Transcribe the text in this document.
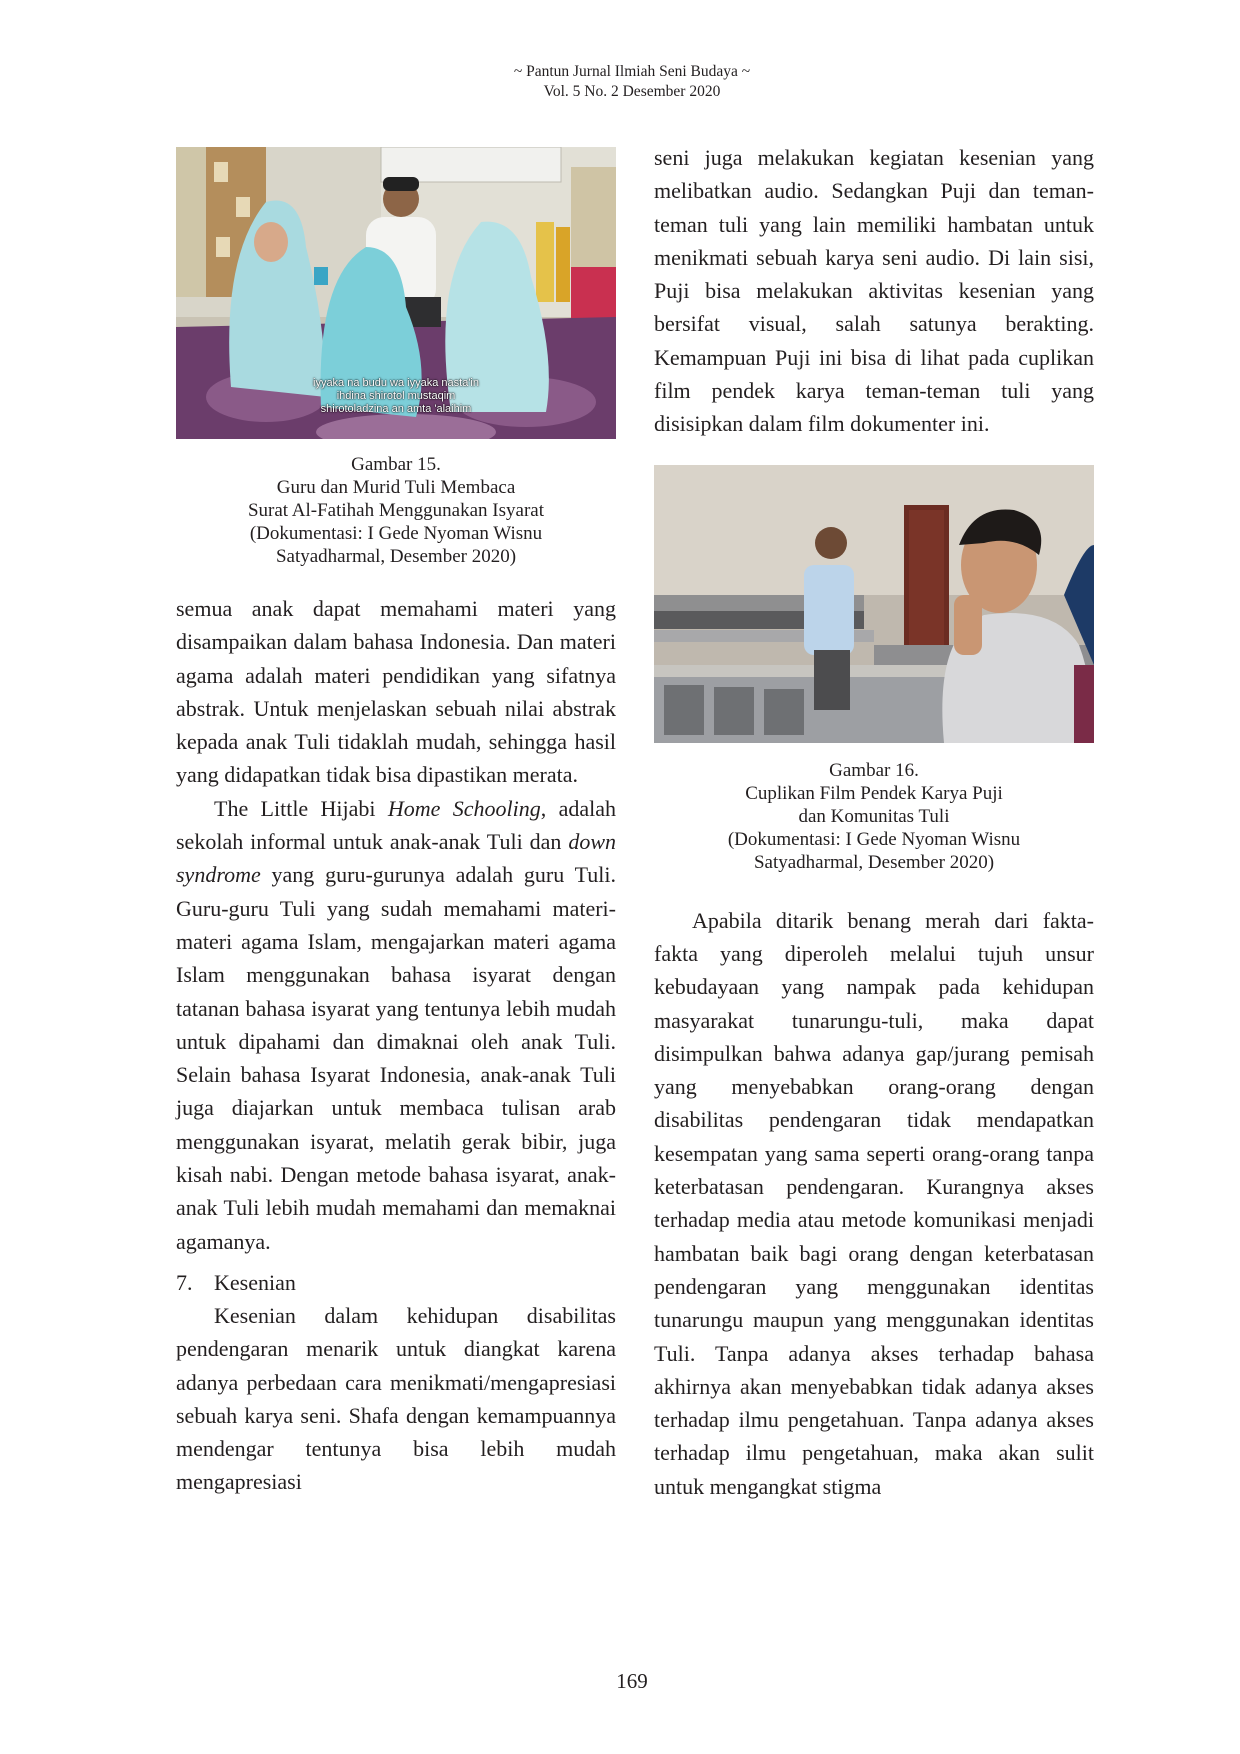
~ Pantun Jurnal Ilmiah Seni Budaya ~
Vol. 5 No. 2 Desember 2020
iyyaka na budu wa iyyaka nasta'in
ihdina shirotol mustaqim
shirotoladzina an amta 'alaihim
Gambar 15.
Guru dan Murid Tuli Membaca
Surat Al-Fatihah Menggunakan Isyarat
(Dokumentasi: I Gede Nyoman Wisnu
Satyadharmal, Desember 2020)
semua anak dapat memahami materi yang disampaikan dalam bahasa Indonesia. Dan materi agama adalah materi pendidikan yang sifatnya abstrak. Untuk menjelaskan sebuah nilai abstrak kepada anak Tuli tidaklah mudah, sehingga hasil yang didapatkan tidak bisa dipastikan merata.
The Little Hijabi Home Schooling, adalah sekolah informal untuk anak-anak Tuli dan down syndrome yang guru-gurunya adalah guru Tuli. Guru-guru Tuli yang sudah memahami materi-materi agama Islam, mengajarkan materi agama Islam menggunakan bahasa isyarat dengan tatanan bahasa isyarat yang tentunya lebih mudah untuk dipahami dan dimaknai oleh anak Tuli. Selain bahasa Isyarat Indonesia, anak-anak Tuli juga diajarkan untuk membaca tulisan arab menggunakan isyarat, melatih gerak bibir, juga kisah nabi. Dengan metode bahasa isyarat, anak-anak Tuli lebih mudah memahami dan memaknai agamanya.
7. Kesenian
Kesenian dalam kehidupan disabilitas pendengaran menarik untuk diangkat karena adanya perbedaan cara menikmati/mengapresiasi sebuah karya seni. Shafa dengan kemampuannya mendengar tentunya bisa lebih mudah mengapresiasi
seni juga melakukan kegiatan kesenian yang melibatkan audio. Sedangkan Puji dan teman-teman tuli yang lain memiliki hambatan untuk menikmati sebuah karya seni audio. Di lain sisi, Puji bisa melakukan aktivitas kesenian yang bersifat visual, salah satunya berakting. Kemampuan Puji ini bisa di lihat pada cuplikan film pendek karya teman-teman tuli yang disisipkan dalam film dokumenter ini.
Gambar 16.
Cuplikan Film Pendek Karya Puji
dan Komunitas Tuli
(Dokumentasi: I Gede Nyoman Wisnu
Satyadharmal, Desember 2020)
Apabila ditarik benang merah dari fakta-fakta yang diperoleh melalui tujuh unsur kebudayaan yang nampak pada kehidupan masyarakat tunarungu-tuli, maka dapat disimpulkan bahwa adanya gap/jurang pemisah yang menyebabkan orang-orang dengan disabilitas pendengaran tidak mendapatkan kesempatan yang sama seperti orang-orang tanpa keterbatasan pendengaran. Kurangnya akses terhadap media atau metode komunikasi menjadi hambatan baik bagi orang dengan keterbatasan pendengaran yang menggunakan identitas tunarungu maupun yang menggunakan identitas Tuli. Tanpa adanya akses terhadap bahasa akhirnya akan menyebabkan tidak adanya akses terhadap ilmu pengetahuan. Tanpa adanya akses terhadap ilmu pengetahuan, maka akan sulit untuk mengangkat stigma
169
